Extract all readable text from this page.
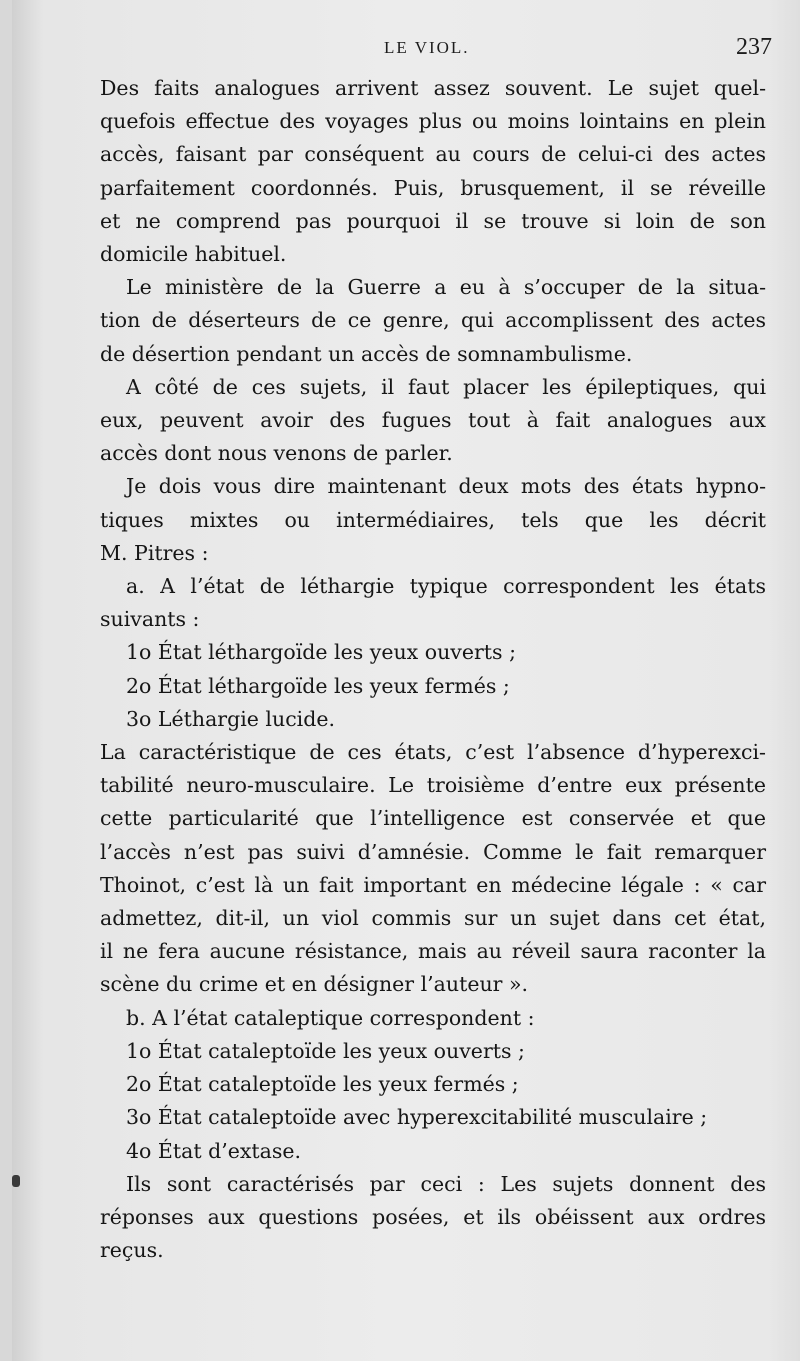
LE VIOL.	237
Des faits analogues arrivent assez souvent. Le sujet quel-
quefois effectue des voyages plus ou moins lointains en plein
accès, faisant par conséquent au cours de celui-ci des actes
parfaitement coordonnés. Puis, brusquement, il se réveille
et ne comprend pas pourquoi il se trouve si loin de son
domicile habituel.
Le ministère de la Guerre a eu à s’occuper de la situa-
tion de déserteurs de ce genre, qui accomplissent des actes
de désertion pendant un accès de somnambulisme.
A côté de ces sujets, il faut placer les épileptiques, qui
eux, peuvent avoir des fugues tout à fait analogues aux
accès dont nous venons de parler.
Je dois vous dire maintenant deux mots des états hypno-
tiques mixtes ou intermédiaires, tels que les décrit
M. Pitres :
a. A l’état de léthargie typique correspondent les états
suivants :
1o État léthargoïde les yeux ouverts ;
2o État léthargoïde les yeux fermés ;
3o Léthargie lucide.
La caractéristique de ces états, c’est l’absence d’hyperexci-
tabilité neuro-musculaire. Le troisième d’entre eux présente
cette particularité que l’intelligence est conservée et que
l’accès n’est pas suivi d’amnésie. Comme le fait remarquer
Thoinot, c’est là un fait important en médecine légale : « car
admettez, dit-il, un viol commis sur un sujet dans cet état,
il ne fera aucune résistance, mais au réveil saura raconter la
scène du crime et en désigner l’auteur ».
b. A l’état cataleptique correspondent :
1o État cataleptoïde les yeux ouverts ;
2o État cataleptoïde les yeux fermés ;
3o État cataleptoïde avec hyperexcitabilité musculaire ;
4o État d’extase.
Ils sont caractérisés par ceci : Les sujets donnent des
réponses aux questions posées, et ils obéissent aux ordres
reçus.
